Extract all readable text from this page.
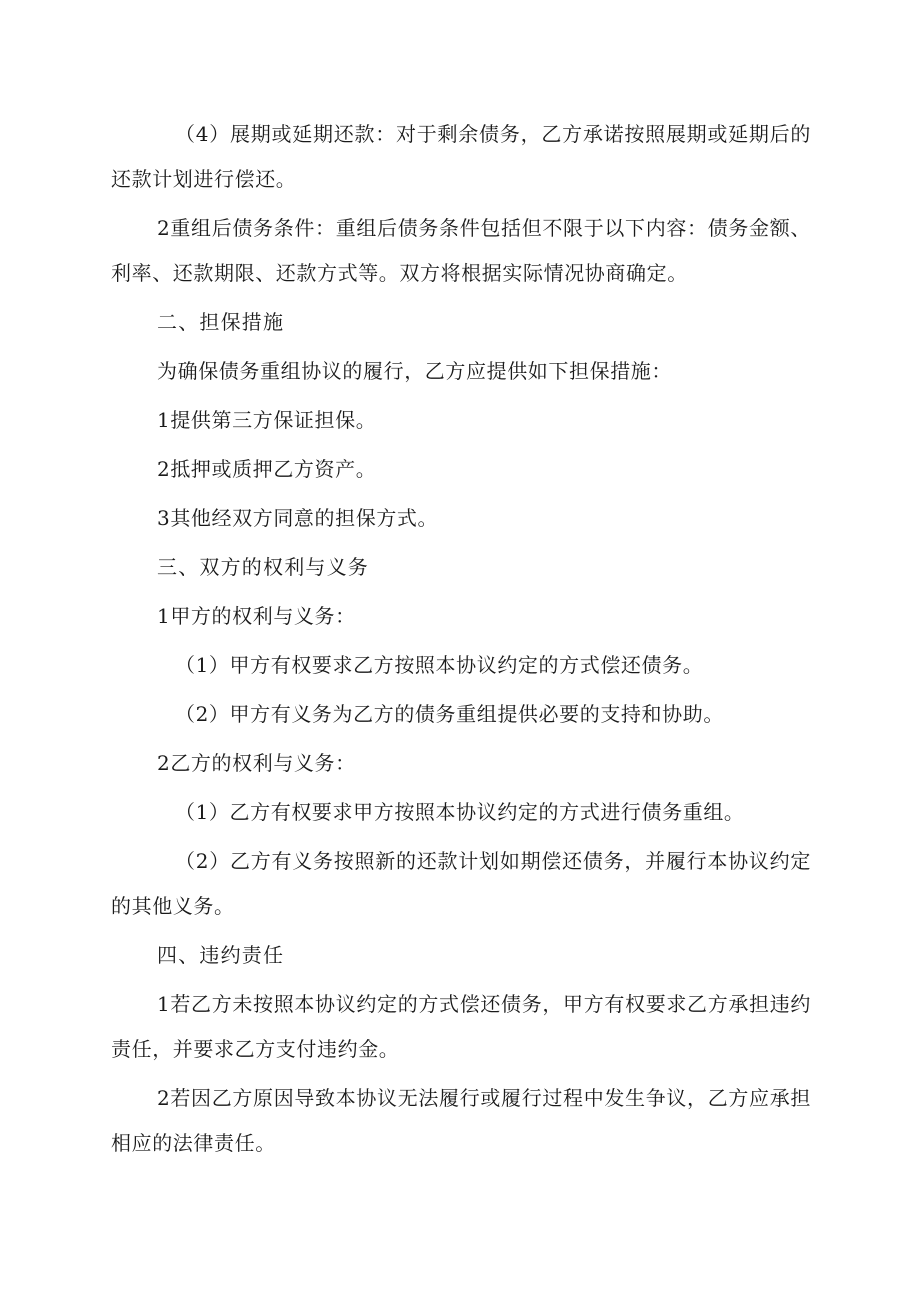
（4）展期或延期还款：对于剩余债务，乙方承诺按照展期或延期后的还款计划进行偿还。

2重组后债务条件：重组后债务条件包括但不限于以下内容：债务金额、利率、还款期限、还款方式等。双方将根据实际情况协商确定。

二、担保措施

为确保债务重组协议的履行，乙方应提供如下担保措施：

1提供第三方保证担保。

2抵押或质押乙方资产。

3其他经双方同意的担保方式。

三、双方的权利与义务

1甲方的权利与义务：

（1）甲方有权要求乙方按照本协议约定的方式偿还债务。

（2）甲方有义务为乙方的债务重组提供必要的支持和协助。

2乙方的权利与义务：

（1）乙方有权要求甲方按照本协议约定的方式进行债务重组。

（2）乙方有义务按照新的还款计划如期偿还债务，并履行本协议约定的其他义务。

四、违约责任

1若乙方未按照本协议约定的方式偿还债务，甲方有权要求乙方承担违约责任，并要求乙方支付违约金。

2若因乙方原因导致本协议无法履行或履行过程中发生争议，乙方应承担相应的法律责任。
